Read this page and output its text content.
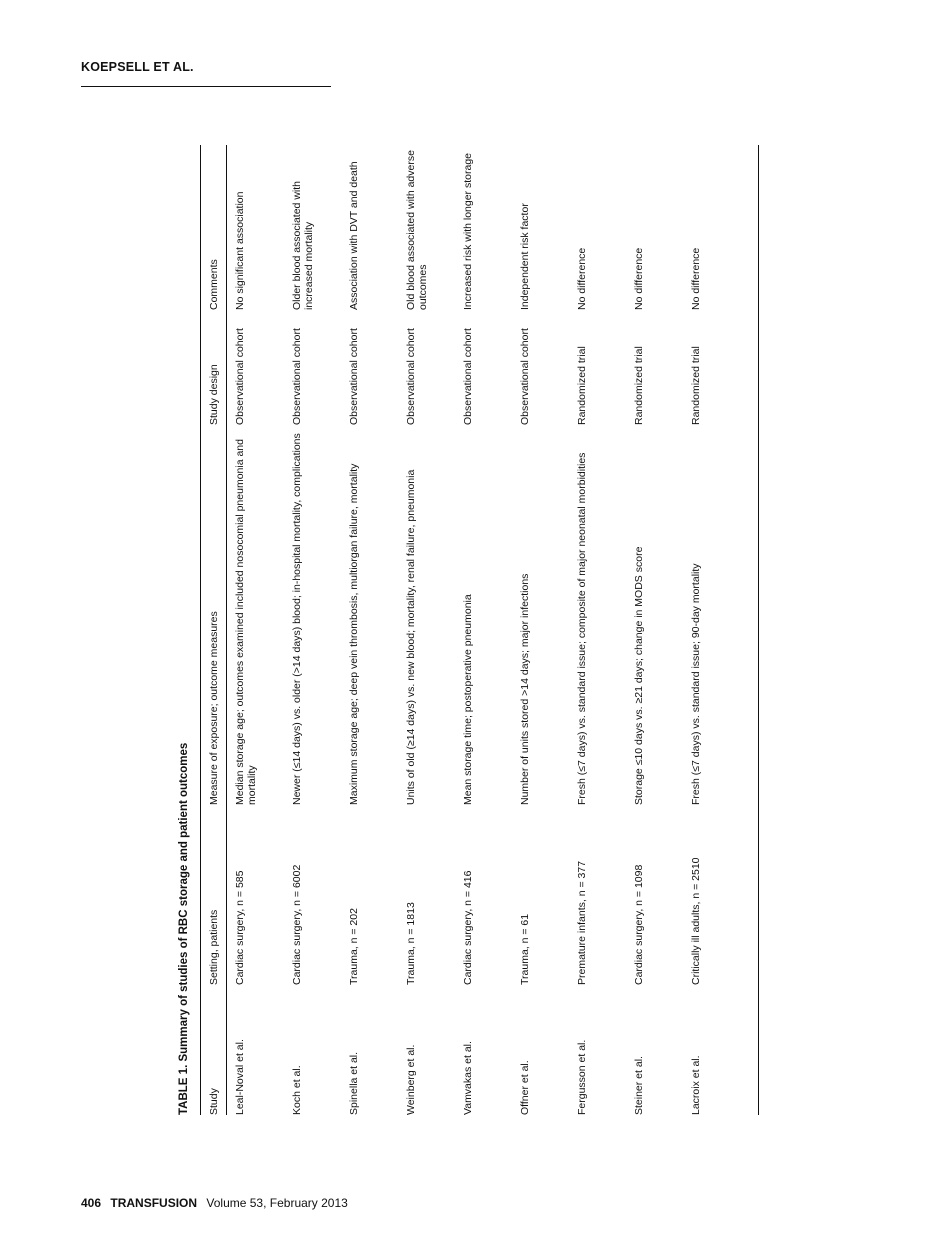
KOEPSELL ET AL.
TABLE 1. Summary of studies of RBC storage and patient outcomes Study
Setting, patients
Measure of exposure; outcome measures
Study design
Comments
Leal-Noval et al.
Cardiac surgery, n = 585
Median storage age; outcomes examined included nosocomial pneumonia and mortality
Observational cohort
No significant association
Koch et al.
Cardiac surgery, n = 6002
Newer (≤14 days) vs. older (>14 days) blood; in-hospital mortality, complications
Observational cohort
Older blood associated with increased mortality
Spinella et al.
Trauma, n = 202
Maximum storage age; deep vein thrombosis, multiorgan failure, mortality
Observational cohort
Association with DVT and death
Weinberg et al.
Trauma, n = 1813
Units of old (≥14 days) vs. new blood; mortality, renal failure, pneumonia
Observational cohort
Old blood associated with adverse outcomes
Vamvakas et al.
Cardiac surgery, n = 416
Mean storage time; postoperative pneumonia
Observational cohort
Increased risk with longer storage
Offner et al.
Trauma, n = 61
Number of units stored >14 days; major infections
Observational cohort
Independent risk factor
Fergusson et al.
Premature infants, n = 377
Fresh (≤7 days) vs. standard issue; composite of major neonatal morbidities
Randomized trial
No difference
Steiner et al.
Cardiac surgery, n = 1098
Storage ≤10 days vs. ≥21 days; change in MODS score
Randomized trial
No difference
Lacroix et al.
Critically ill adults, n = 2510
Fresh (≤7 days) vs. standard issue; 90-day mortality
Randomized trial
No difference
406 TRANSFUSION Volume 53, February 2013
